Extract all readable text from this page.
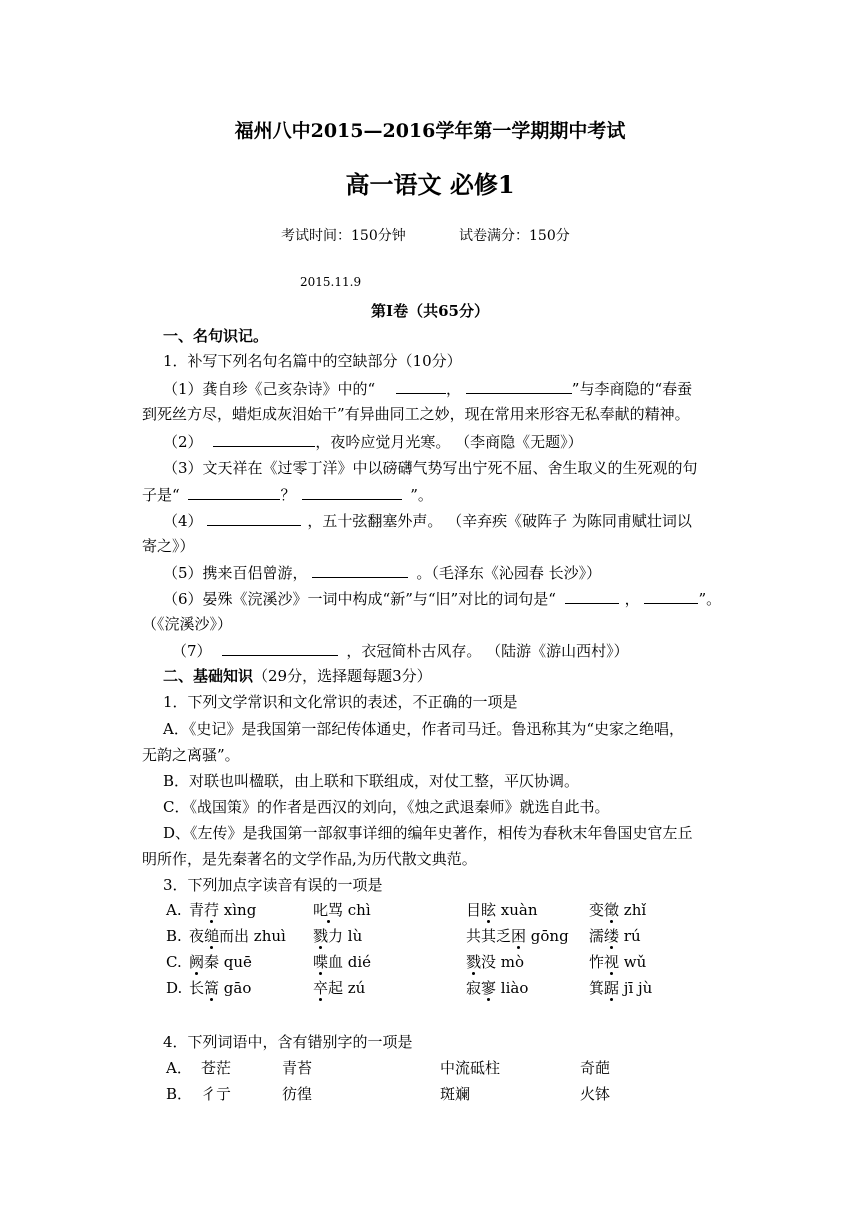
福州八中2015—2016学年第一学期期中考试
高一语文 必修1
考试时间：150分钟	试卷满分：150分
2015.11.9
第Ⅰ卷（共65分）
一、名句识记。
1．补写下列名句名篇中的空缺部分（10分）
（1）龚自珍《己亥杂诗》中的“	，	”与李商隐的“春蚕
到死丝方尽，蜡炬成灰泪始干”有异曲同工之妙，现在常用来形容无私奉献的精神。
（2）	，夜吟应觉月光寒。 （李商隐《无题》）
（3）文天祥在《过零丁洋》中以磅礴气势写出宁死不屈、舍生取义的生死观的句
子是“	？	”。
（4）	，五十弦翻塞外声。 （辛弃疾《破阵子 为陈同甫赋壮词以
寄之》）
（5）携来百侣曾游，	。（毛泽东《沁园春 长沙》）
（6）晏殊《浣溪沙》一词中构成“新”与“旧”对比的词句是“	，	”。
（《浣溪沙》）
（7）	，衣冠简朴古风存。 （陆游《游山西村》）
二、基础知识（29分，选择题每题3分）
1．下列文学常识和文化常识的表述，不正确的一项是
A．《史记》是我国第一部纪传体通史，作者司马迁。鲁迅称其为“史家之绝唱，
无韵之离骚”。
B．对联也叫楹联，由上联和下联组成，对仗工整，平仄协调。
C．《战国策》的作者是西汉的刘向，《烛之武退秦师》就选自此书。
D、《左传》是我国第一部叙事详细的编年史著作，相传为春秋末年鲁国史官左丘
明所作，是先秦著名的文学作品,为历代散文典范。
3．下列加点字读音有误的一项是
A. 青荇 xìng	叱骂 chì	目眩 xuàn	变徵 zhǐ
B. 夜缒而出 zhuì 戮力 lù	共其乏困 gōng 濡缕 rú
C. 阙秦 quē	喋血 dié	戮没 mò	怍视 wǔ
D. 长篙 gāo	卒起 zú	寂寥 liào	箕踞 jī jù
4．下列词语中，含有错别字的一项是
A． 苍茫	青苔	中流砥柱	奇葩
B． 彳亍	彷徨	斑斓	火钵
